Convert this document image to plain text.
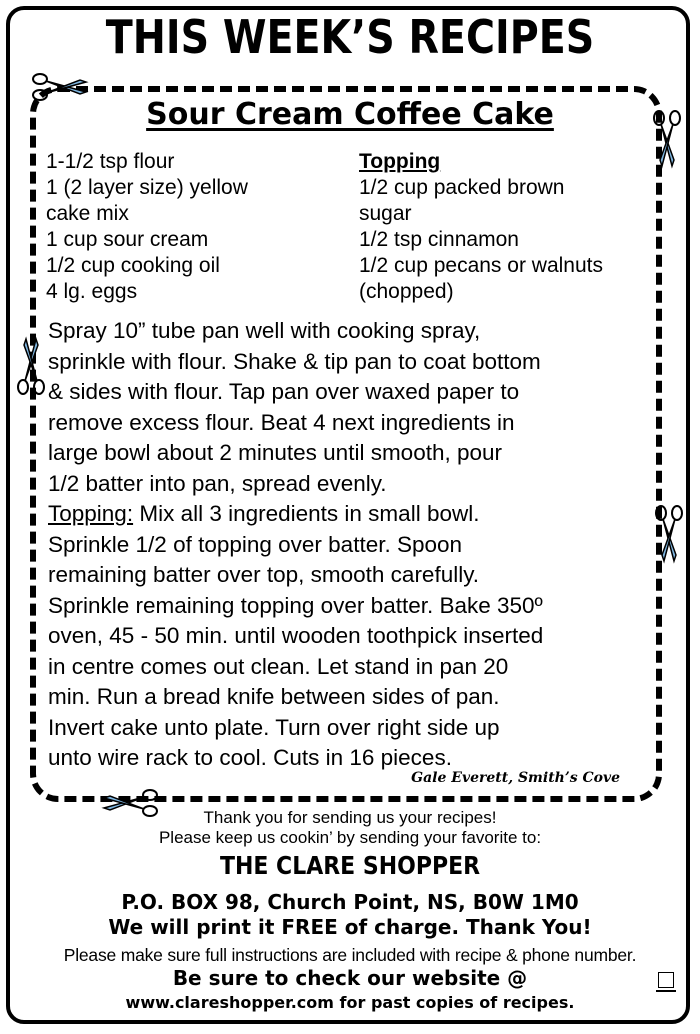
THIS WEEK’S RECIPES
Sour Cream Coffee Cake
1-1/2 tsp flour
1 (2 layer size) yellow
cake mix
1 cup sour cream
1/2 cup cooking oil
4 lg. eggs
Topping
1/2 cup packed brown
sugar
1/2 tsp cinnamon
1/2 cup pecans or walnuts
(chopped)
Spray 10” tube pan well with cooking spray,
sprinkle with flour. Shake & tip pan to coat bottom
& sides with flour. Tap pan over waxed paper to
remove excess flour. Beat 4 next ingredients in
large bowl about 2 minutes until smooth, pour
1/2 batter into pan, spread evenly.
Topping: Mix all 3 ingredients in small bowl.
Sprinkle 1/2 of topping over batter. Spoon
remaining batter over top, smooth carefully.
Sprinkle remaining topping over batter. Bake 350º
oven, 45 - 50 min. until wooden toothpick inserted
in centre comes out clean. Let stand in pan 20
min. Run a bread knife between sides of pan.
Invert cake unto plate. Turn over right side up
unto wire rack to cool. Cuts in 16 pieces.
Gale Everett, Smith’s Cove
Thank you for sending us your recipes!
Please keep us cookin’ by sending your favorite to:
THE CLARE SHOPPER
P.O. BOX 98, Church Point, NS, B0W 1M0
We will print it FREE of charge. Thank You!
Please make sure full instructions are included with recipe & phone number.
Be sure to check our website @
www.clareshopper.com for past copies of recipes.
